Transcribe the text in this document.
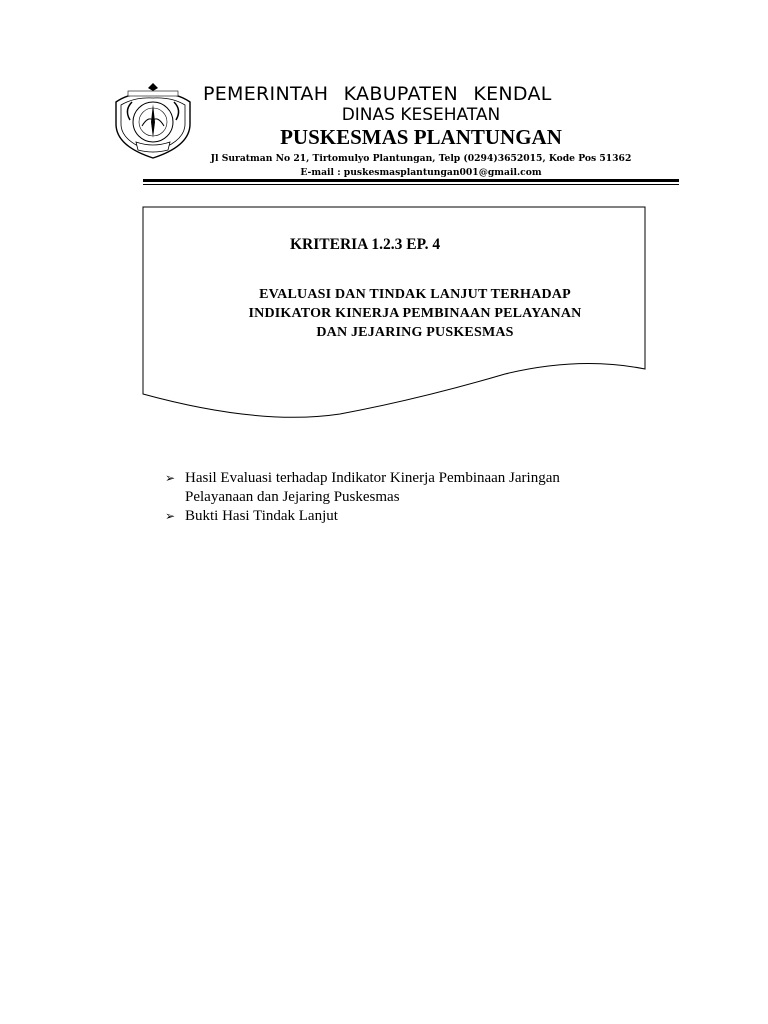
PEMERINTAH KABUPATEN KENDAL
DINAS KESEHATAN
PUSKESMAS PLANTUNGAN
Jl Suratman No 21, Tirtomulyo Plantungan, Telp (0294)3652015, Kode Pos 51362
E-mail : puskesmasplantungan001@gmail.com
KRITERIA 1.2.3 EP. 4
EVALUASI DAN TINDAK LANJUT TERHADAP
INDIKATOR KINERJA PEMBINAAN PELAYANAN
DAN JEJARING PUSKESMAS
➢ Hasil Evaluasi terhadap Indikator Kinerja Pembinaan Jaringan
Pelayanaan dan Jejaring Puskesmas
➢ Bukti Hasi Tindak Lanjut
